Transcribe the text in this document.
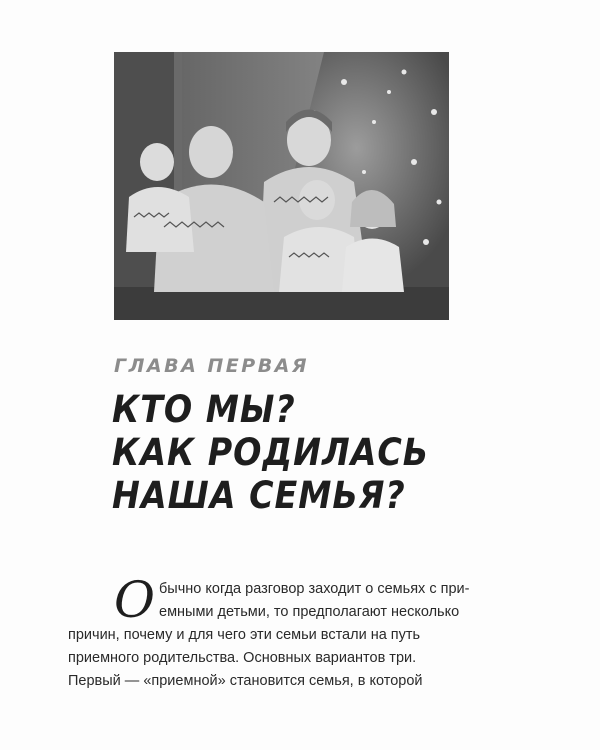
ГЛАВА ПЕРВАЯ
КТО МЫ?
КАК РОДИЛАСЬ
НАША СЕМЬЯ?
О бычно когда разговор заходит о семьях с при-
емными детьми, то предполагают несколько
причин, почему и для чего эти семьи встали на путь
приемного родительства. Основных вариантов три.
Первый — «приемной» становится семья, в которой
